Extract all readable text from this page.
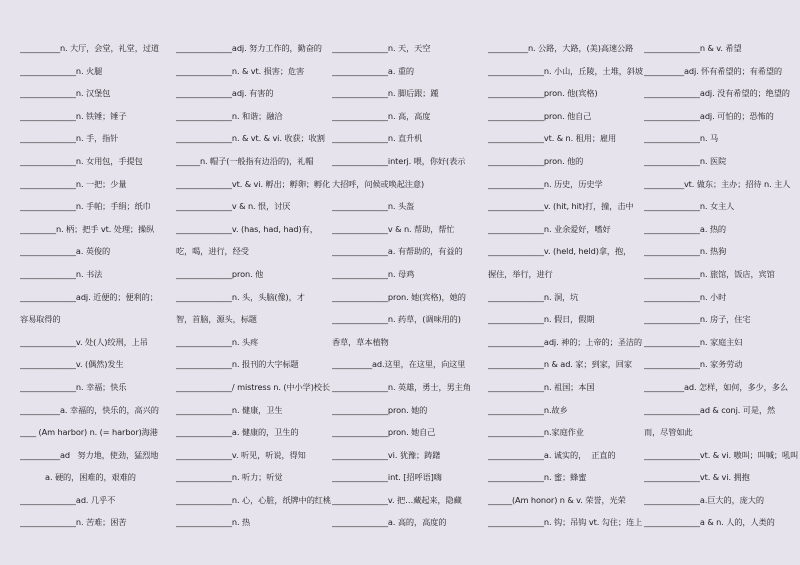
__________n. 大厅，会堂，礼堂，过道
______________n. 火腿
______________n. 汉堡包
______________n. 铁锤；锤子
______________n. 手，指针
______________n. 女用包，手提包
______________n. 一把；少量
______________n. 手帕；手绢；纸巾
_________n. 柄；把手 vt. 处理；操纵
______________a. 英俊的
______________n. 书法
______________adj. 近便的；便利的；
容易取得的
______________v. 处(人)绞刑，上吊
______________v. (偶然)发生
______________n. 幸福；快乐
__________a. 幸福的，快乐的，高兴的
____ (Am harbor) n. (= harbor)海港
__________ad   努力地，使劲，猛烈地
a. 硬的，困难的，艰难的
______________ad. 几乎不
______________n. 苦难；困苦
______________adj. 努力工作的，勤奋的
______________n. & vt. 损害；危害
______________adj. 有害的
______________n. 和谐；融洽
______________n. & vt. & vi. 收获；收割
______n. 帽子(一般指有边沿的)，礼帽
______________vt. & vi. 孵出；孵卵；孵化
______________v & n. 恨，讨厌
______________v. (has, had, had)有，
吃，喝，进行，经受
______________pron. 他
______________n. 头，头脑(像)，才
智，首脑，源头，标题
______________n. 头疼
______________n. 报刊的大字标题
______________/ mistress n. (中小学)校长
______________n. 健康，卫生
______________a. 健康的，卫生的
______________v. 听见，听说，得知
______________n. 听力；听觉
______________n. 心，心脏，纸牌中的红桃
______________n. 热
______________n. 天，天空
______________a. 重的
______________n. 脚后跟；踵
______________n. 高，高度
______________n. 直升机
______________interj. 喂，你好(表示
大招呼，问候或唤起注意)
______________n. 头盔
______________v & n. 帮助，帮忙
______________a. 有帮助的，有益的
______________n. 母鸡
______________pron. 她(宾格)，她的
______________n. 药草，(调味用的)
香草，草本植物
__________ad.这里，在这里，向这里
______________n. 英雄，勇士，男主角
______________pron. 她的
______________pron. 她自己
______________vi. 犹豫；踌躇
______________int. [招呼语]嗨
______________v. 把…藏起来，隐藏
______________a. 高的，高度的
__________n. 公路，大路，(美)高速公路
______________n. 小山，丘陵，土堆，斜坡
______________pron. 他(宾格)
______________pron. 他自己
______________vt. & n. 租用；雇用
______________pron. 他的
______________n. 历史，历史学
______________v. (hit, hit)打，撞，击中
______________n. 业余爱好，嗜好
______________v. (held, held)拿，抱，
握住，举行，进行
______________n. 洞，坑
______________n. 假日，假期
______________adj. 神的；上帝的；圣洁的
______________n & ad. 家；到家，回家
______________n. 祖国；本国
______________n.故乡
______________n.家庭作业
______________a. 诚实的，  正直的
______________n. 蜜；蜂蜜
______(Am honor) n & v. 荣誉，光荣
______________n. 钩；吊钩 vt. 勾住；连上
______________n & v. 希望
__________adj. 怀有希望的；有希望的
______________adj. 没有希望的；绝望的
______________adj. 可怕的；恐怖的
______________n. 马
______________n. 医院
__________vt. 做东；主办；招待 n. 主人
______________n. 女主人
______________a. 热的
______________n. 热狗
______________n. 旅馆，饭店，宾馆
______________n. 小时
______________n. 房子，住宅
______________n. 家庭主妇
______________n. 家务劳动
__________ad. 怎样，如何，多少，多么
______________ad & conj. 可是，然
而，尽管如此
______________vt. & vi. 嗷叫；叫喊；吼叫
______________vt. & vi. 拥抱
______________a.巨大的，庞大的
______________a & n. 人的，人类的
